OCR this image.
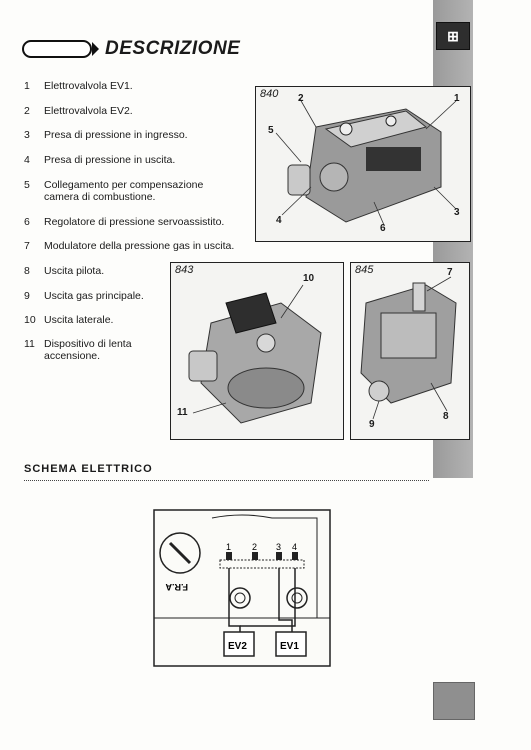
⊞
DESCRIZIONE
1	Elettrovalvola EV1.
2	Elettrovalvola EV2.
3	Presa di pressione in ingresso.
4	Presa di pressione in uscita.
5	Collegamento per compensazione camera di combustione.
6	Regolatore di pressione servoassistito.
7	Modulatore della pressione gas in uscita.
8	Uscita pilota.
9	Uscita gas principale.
10 Uscita laterale.
11 Dispositivo di lenta accensione.
840 2	1
5
4
6
3
843
10
11
845	7
9
8
SCHEMA ELETTRICO
F.R.A
1 2 3 4
EV2	EV1
